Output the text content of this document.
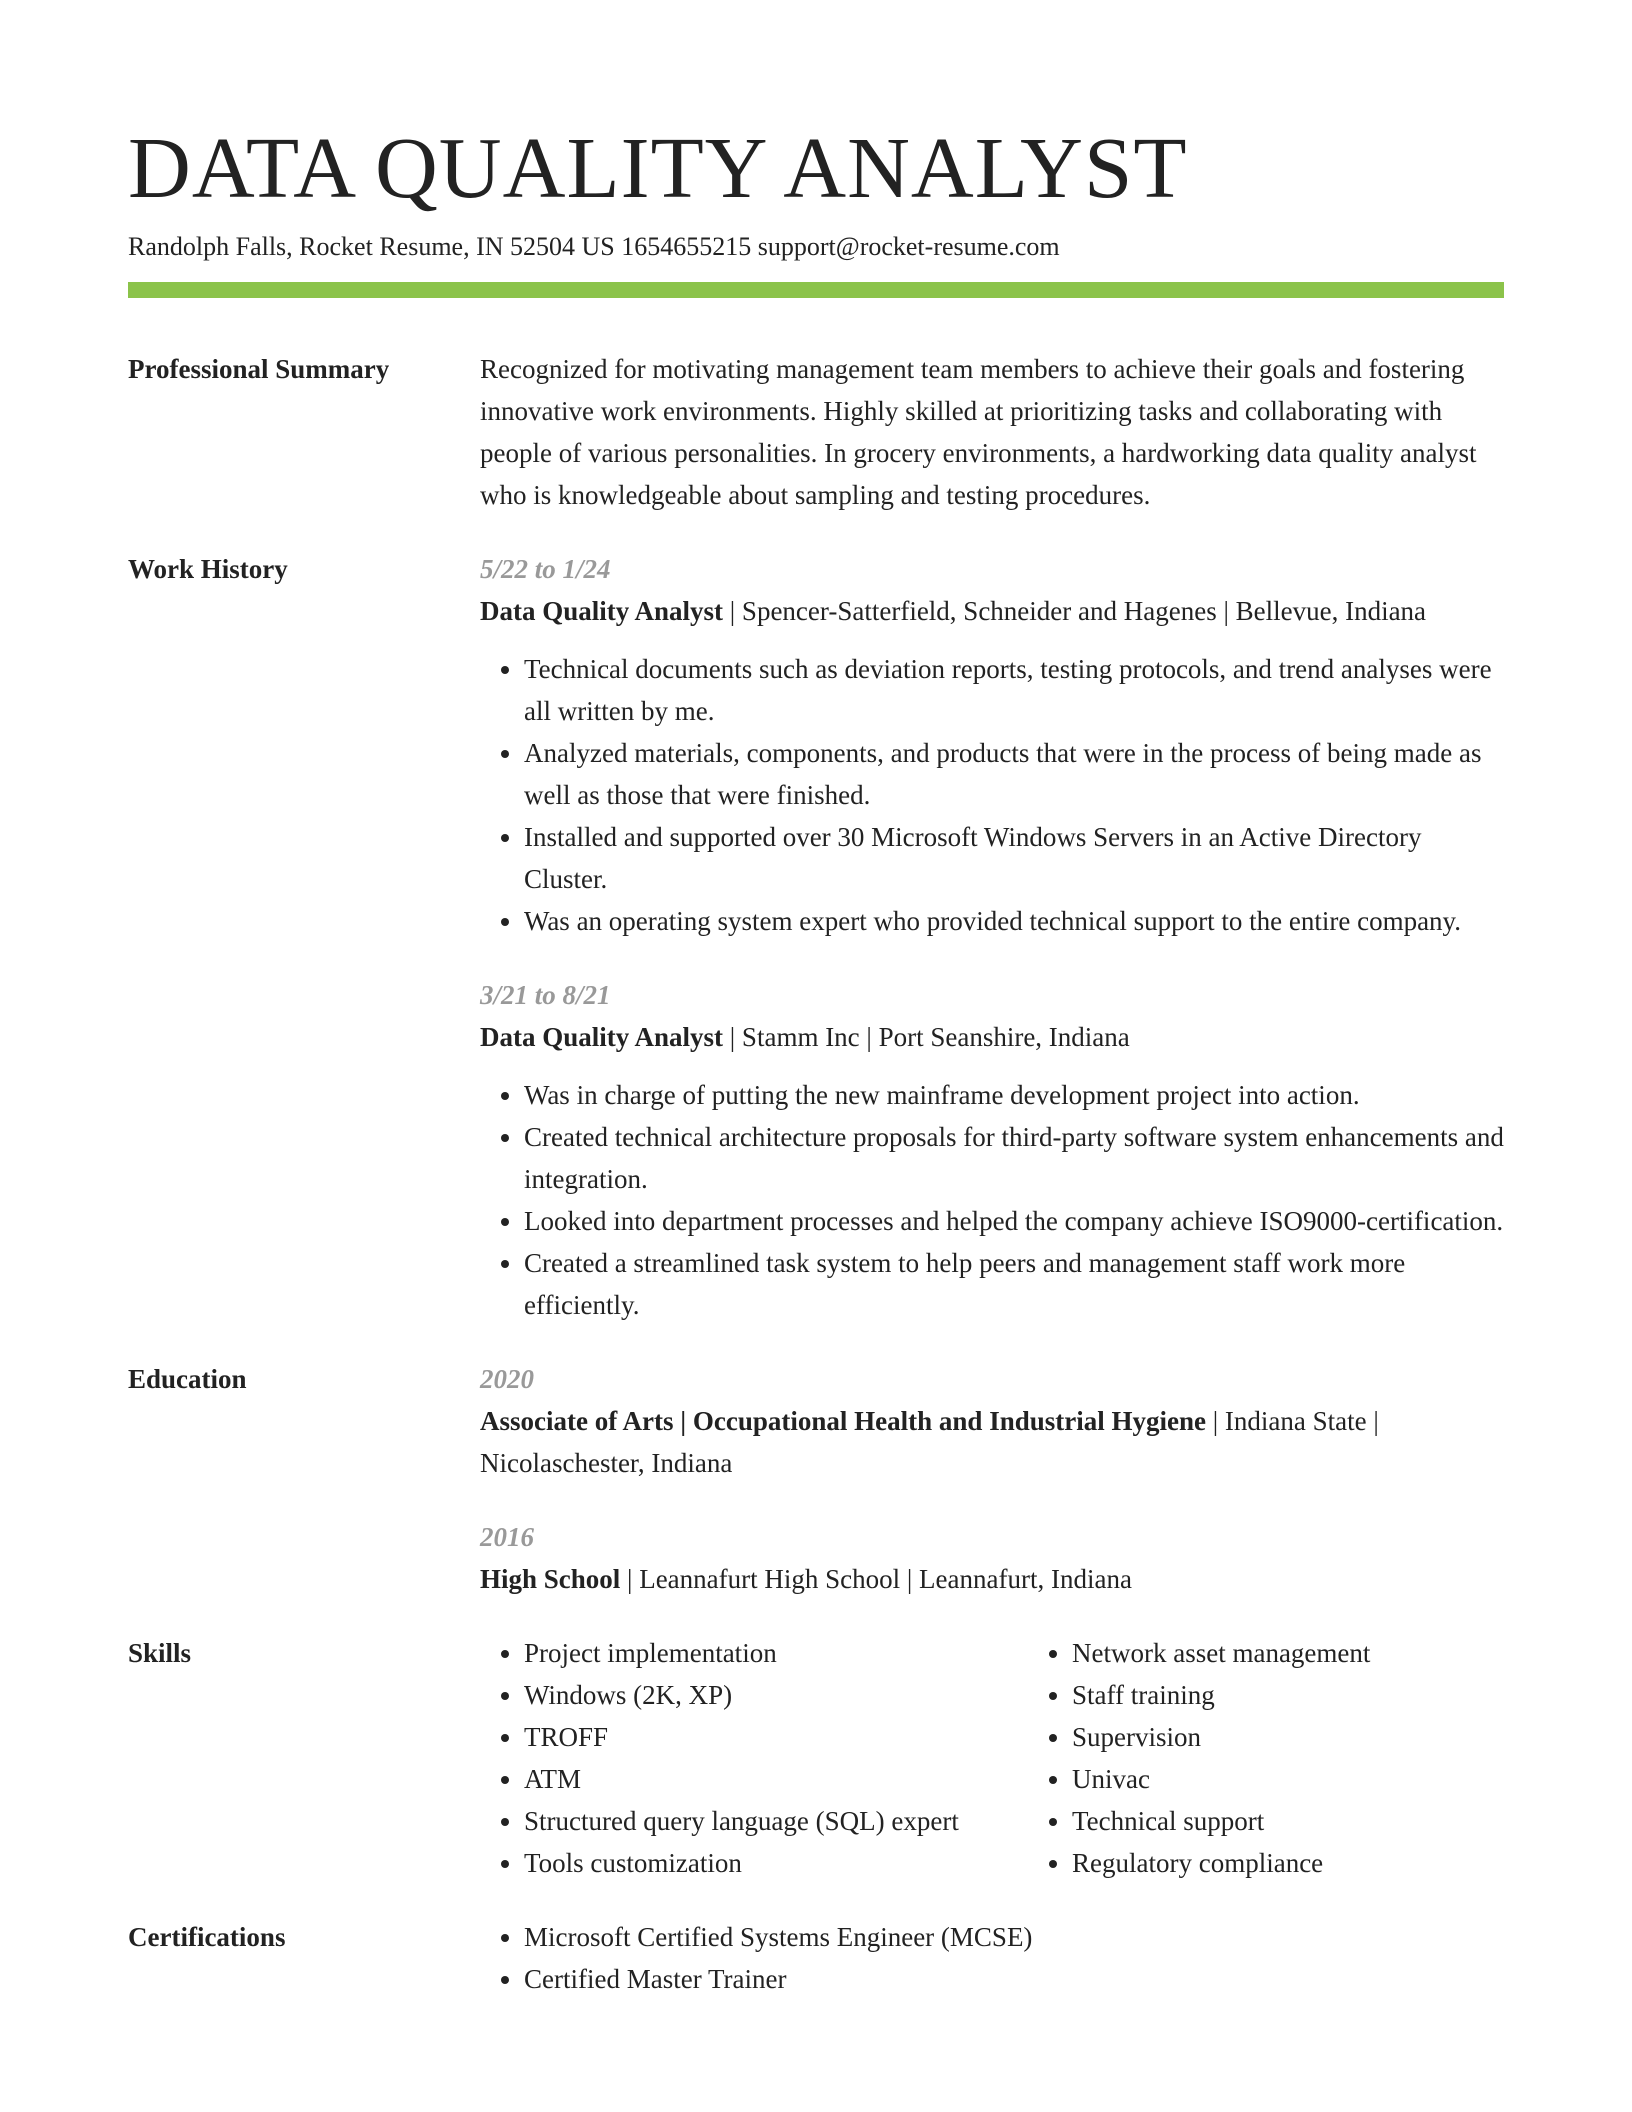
DATA QUALITY ANALYST
Randolph Falls, Rocket Resume, IN 52504 US 1654655215 support@rocket-resume.com
Professional Summary	Recognized for motivating management team members to achieve their goals and fostering innovative work environments. Highly skilled at prioritizing tasks and collaborating with people of various personalities. In grocery environments, a hardworking data quality analyst who is knowledgeable about sampling and testing procedures.
Work History	5/22 to 1/24
Data Quality Analyst | Spencer-Satterfield, Schneider and Hagenes | Bellevue, Indiana
• Technical documents such as deviation reports, testing protocols, and trend analyses were all written by me.
• Analyzed materials, components, and products that were in the process of being made as well as those that were finished.
• Installed and supported over 30 Microsoft Windows Servers in an Active Directory Cluster.
• Was an operating system expert who provided technical support to the entire company.
3/21 to 8/21
Data Quality Analyst | Stamm Inc | Port Seanshire, Indiana
• Was in charge of putting the new mainframe development project into action.
• Created technical architecture proposals for third-party software system enhancements and integration.
• Looked into department processes and helped the company achieve ISO9000-certification.
• Created a streamlined task system to help peers and management staff work more efficiently.
Education	2020
Associate of Arts | Occupational Health and Industrial Hygiene | Indiana State | Nicolaschester, Indiana
2016
High School | Leannafurt High School | Leannafurt, Indiana
Skills	• Project implementation
• Windows (2K, XP)
• TROFF
• ATM
• Structured query language (SQL) expert
• Tools customization
• Network asset management
• Staff training
• Supervision
• Univac
• Technical support
• Regulatory compliance
Certifications	• Microsoft Certified Systems Engineer (MCSE)
• Certified Master Trainer
